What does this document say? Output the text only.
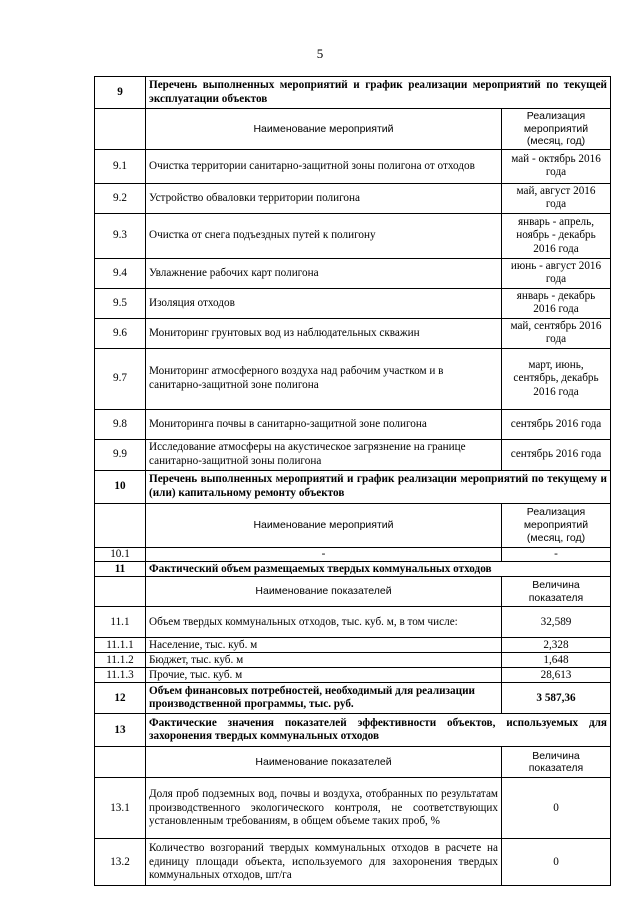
5
9	Перечень выполненных мероприятий и график реализации мероприятий по текущей эксплуатации объектов	
	Наименование мероприятий	Реализация мероприятий (месяц, год)
9.1	Очистка территории санитарно-защитной зоны полигона от отходов	май - октябрь 2016 года
9.2	Устройство обваловки территории полигона	май, август 2016 года
9.3	Очистка от снега подъездных путей к полигону	январь - апрель, ноябрь - декабрь 2016 года
9.4	Увлажнение рабочих карт полигона	июнь - август 2016 года
9.5	Изоляция отходов	январь - декабрь 2016 года
9.6	Мониторинг грунтовых вод из наблюдательных скважин	май, сентябрь 2016 года
9.7	Мониторинг атмосферного воздуха над рабочим участком и в санитарно-защитной зоне полигона	март, июнь, сентябрь, декабрь 2016 года
9.8	Мониторинга почвы в санитарно-защитной зоне полигона	сентябрь 2016 года
9.9	Исследование атмосферы на акустическое загрязнение на границе санитарно-защитной зоны полигона	сентябрь 2016 года
10	Перечень выполненных мероприятий и график реализации мероприятий по текущему и (или) капитальному ремонту объектов	
	Наименование мероприятий	Реализация мероприятий (месяц, год)
10.1	-	-
11	Фактический объем размещаемых твердых коммунальных отходов	
	Наименование показателей	Величина показателя
11.1	Объем твердых коммунальных отходов, тыс. куб. м, в том числе:	32,589
11.1.1	Население, тыс. куб. м	2,328
11.1.2	Бюджет, тыс. куб. м	1,648
11.1.3	Прочие, тыс. куб. м	28,613
12	Объем финансовых потребностей, необходимый для реализации производственной программы, тыс. руб.	3 587,36
13	Фактические значения показателей эффективности объектов, используемых для захоронения твердых коммунальных отходов	
	Наименование показателей	Величина показателя
13.1	Доля проб подземных вод, почвы и воздуха, отобранных по результатам производственного экологического контроля, не соответствующих установленным требованиям, в общем объеме таких проб, %	0
13.2	Количество возгораний твердых коммунальных отходов в расчете на единицу площади объекта, используемого для захоронения твердых коммунальных отходов, шт/га	0
